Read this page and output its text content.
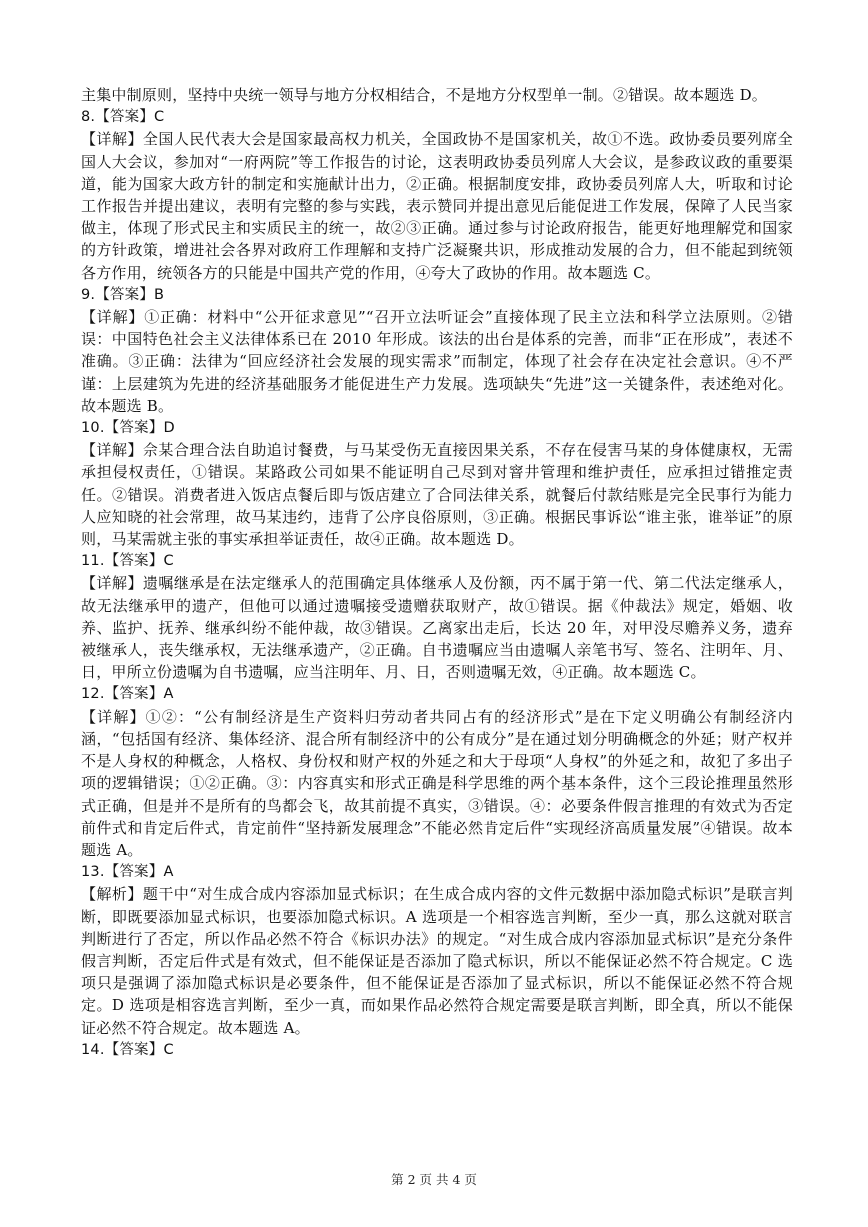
主集中制原则，坚持中央统一领导与地方分权相结合，不是地方分权型单一制。②错误。故本题选 D。

8.【答案】C

【详解】全国人民代表大会是国家最高权力机关，全国政协不是国家机关，故①不选。政协委员要列席全国人大会议，参加对“一府两院”等工作报告的讨论，这表明政协委员列席人大会议，是参政议政的重要渠道，能为国家大政方针的制定和实施献计出力，②正确。根据制度安排，政协委员列席人大，听取和讨论工作报告并提出建议，表明有完整的参与实践，表示赞同并提出意见后能促进工作发展，保障了人民当家做主，体现了形式民主和实质民主的统一，故②③正确。通过参与讨论政府报告，能更好地理解党和国家的方针政策，增进社会各界对政府工作理解和支持广泛凝聚共识，形成推动发展的合力，但不能起到统领各方作用，统领各方的只能是中国共产党的作用，④夸大了政协的作用。故本题选 C。

9.【答案】B

【详解】①正确：材料中“公开征求意见”“召开立法听证会”直接体现了民主立法和科学立法原则。②错误：中国特色社会主义法律体系已在 2010 年形成。该法的出台是体系的完善，而非“正在形成”，表述不准确。③正确：法律为“回应经济社会发展的现实需求”而制定，体现了社会存在决定社会意识。④不严谨：上层建筑为先进的经济基础服务才能促进生产力发展。选项缺失“先进”这一关键条件，表述绝对化。故本题选 B。

10.【答案】D

【详解】佘某合理合法自助追讨餐费，与马某受伤无直接因果关系，不存在侵害马某的身体健康权，无需承担侵权责任，①错误。某路政公司如果不能证明自己尽到对窨井管理和维护责任，应承担过错推定责任。②错误。消费者进入饭店点餐后即与饭店建立了合同法律关系，就餐后付款结账是完全民事行为能力人应知晓的社会常理，故马某违约，违背了公序良俗原则，③正确。根据民事诉讼“谁主张，谁举证”的原则，马某需就主张的事实承担举证责任，故④正确。故本题选 D。

11.【答案】C

【详解】遗嘱继承是在法定继承人的范围确定具体继承人及份额，丙不属于第一代、第二代法定继承人，故无法继承甲的遗产，但他可以通过遗嘱接受遗赠获取财产，故①错误。据《仲裁法》规定，婚姻、收养、监护、抚养、继承纠纷不能仲裁，故③错误。乙离家出走后，长达 20 年，对甲没尽赡养义务，遗弃被继承人，丧失继承权，无法继承遗产，②正确。自书遗嘱应当由遗嘱人亲笔书写、签名、注明年、月、日，甲所立份遗嘱为自书遗嘱，应当注明年、月、日，否则遗嘱无效，④正确。故本题选 C。

12.【答案】A

【详解】①②：“公有制经济是生产资料归劳动者共同占有的经济形式”是在下定义明确公有制经济内涵，“包括国有经济、集体经济、混合所有制经济中的公有成分”是在通过划分明确概念的外延；财产权并不是人身权的种概念，人格权、身份权和财产权的外延之和大于母项“人身权”的外延之和，故犯了多出子项的逻辑错误；①②正确。③：内容真实和形式正确是科学思维的两个基本条件，这个三段论推理虽然形式正确，但是并不是所有的鸟都会飞，故其前提不真实，③错误。④：必要条件假言推理的有效式为否定前件式和肯定后件式，肯定前件“坚持新发展理念”不能必然肯定后件“实现经济高质量发展”④错误。故本题选 A。

13.【答案】A

【解析】题干中“对生成合成内容添加显式标识；在生成合成内容的文件元数据中添加隐式标识”是联言判断，即既要添加显式标识，也要添加隐式标识。A 选项是一个相容选言判断，至少一真，那么这就对联言判断进行了否定，所以作品必然不符合《标识办法》的规定。“对生成合成内容添加显式标识”是充分条件假言判断，否定后件式是有效式，但不能保证是否添加了隐式标识，所以不能保证必然不符合规定。C 选项只是强调了添加隐式标识是必要条件，但不能保证是否添加了显式标识，所以不能保证必然不符合规定。D 选项是相容选言判断，至少一真，而如果作品必然符合规定需要是联言判断，即全真，所以不能保证必然不符合规定。故本题选 A。

14.【答案】C

第 2 页 共 4 页
